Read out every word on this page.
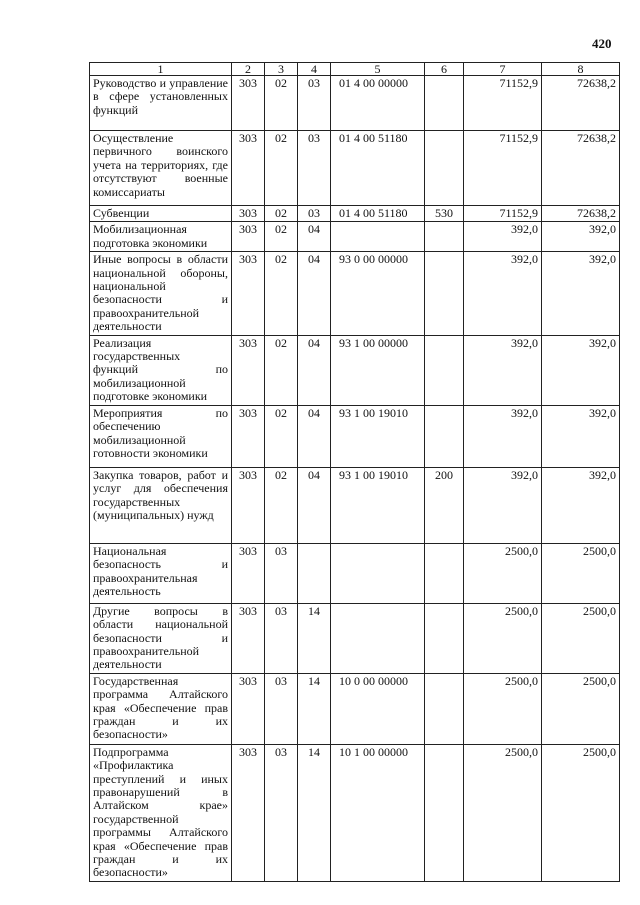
420
1	2	3	4	5	6	7	8
Руководство и управление в сфере установленных функций	303	02	03	01 4 00 00000		71152,9	72638,2
Осуществление первичного воинского учета на территориях, где отсутствуют военные комиссариаты	303	02	03	01 4 00 51180		71152,9	72638,2
Субвенции	303	02	03	01 4 00 51180	530	71152,9	72638,2
Мобилизационная подготовка экономики	303	02	04			392,0	392,0
Иные вопросы в области национальной обороны, национальной безопасности и правоохранительной деятельности	303	02	04	93 0 00 00000		392,0	392,0
Реализация государственных функций по мобилизационной подготовке экономики	303	02	04	93 1 00 00000		392,0	392,0
Мероприятия по обеспечению мобилизационной готовности экономики	303	02	04	93 1 00 19010		392,0	392,0
Закупка товаров, работ и услуг для обеспечения государственных (муниципальных) нужд	303	02	04	93 1 00 19010	200	392,0	392,0
Национальная безопасность и правоохранительная деятельность	303	03				2500,0	2500,0
Другие вопросы в области национальной безопасности и правоохранительной деятельности	303	03	14			2500,0	2500,0
Государственная программа Алтайского края «Обеспечение прав граждан и их безопасности»	303	03	14	10 0 00 00000		2500,0	2500,0
Подпрограмма «Профилактика преступлений и иных правонарушений в Алтайском крае» государственной программы Алтайского края «Обеспечение прав граждан и их безопасности»	303	03	14	10 1 00 00000		2500,0	2500,0
